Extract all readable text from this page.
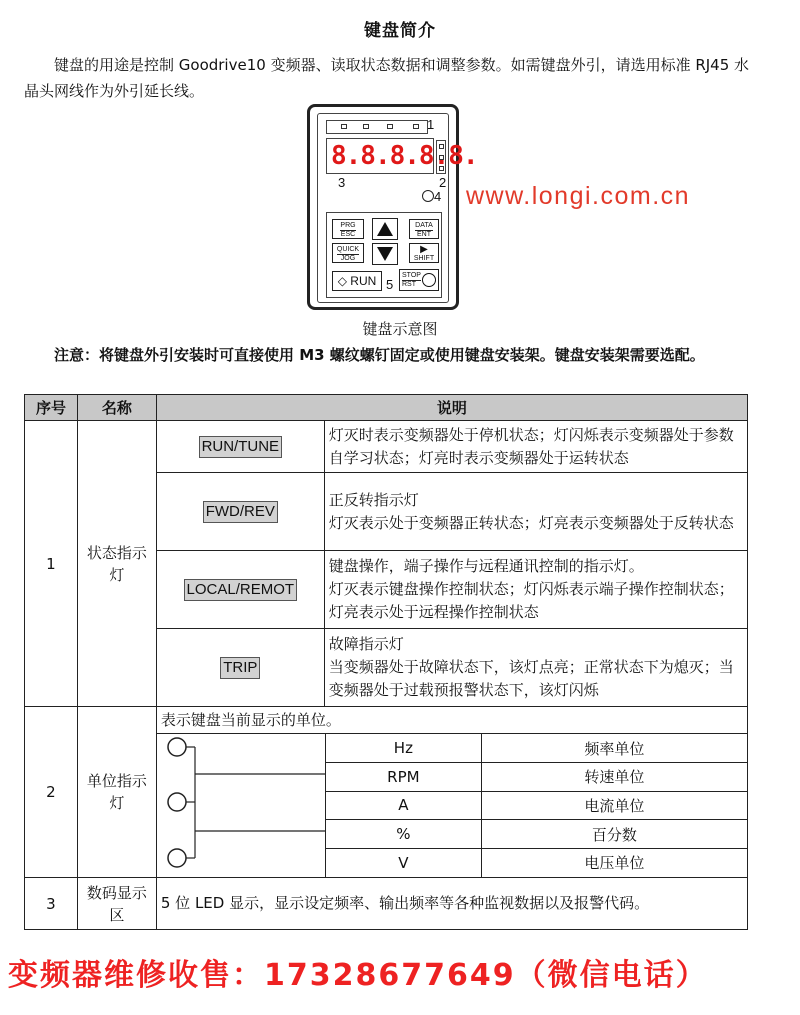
键盘简介
键盘的用途是控制 Goodrive10 变频器、读取状态数据和调整参数。如需键盘外引，请选用标准 RJ45 水晶头网线作为外引延长线。
8.8.8.8.8.
PRG
ESC
DATA
ENT
QUICK
JOG
▶
SHIFT
◇ RUN	STOP
RST
1
2
3
4
5
www.longi.com.cn
键盘示意图
注意：将键盘外引安装时可直接使用 M3 螺纹螺钉固定或使用键盘安装架。键盘安装架需要选配。
序号	名称	说明
1	状态指示灯	RUN/TUNE	灯灭时表示变频器处于停机状态；灯闪烁表示变频器处于参数自学习状态；灯亮时表示变频器处于运转状态
FWD/REV	正反转指示灯
灯灭表示处于变频器正转状态；灯亮表示变频器处于反转状态
LOCAL/REMOT	键盘操作，端子操作与远程通讯控制的指示灯。
灯灭表示键盘操作控制状态；灯闪烁表示端子操作控制状态；灯亮表示处于远程操作控制状态
TRIP	故障指示灯
当变频器处于故障状态下，该灯点亮；正常状态下为熄灭；当变频器处于过载预报警状态下，该灯闪烁
2	单位指示灯	
表示键盘当前显示的单位。
	Hz	频率单位
RPM	转速单位
A	电流单位
%	百分数
V	电压单位

3	数码显示区	5 位 LED 显示，显示设定频率、输出频率等各种监视数据以及报警代码。
变频器维修收售：17328677649（微信电话）
